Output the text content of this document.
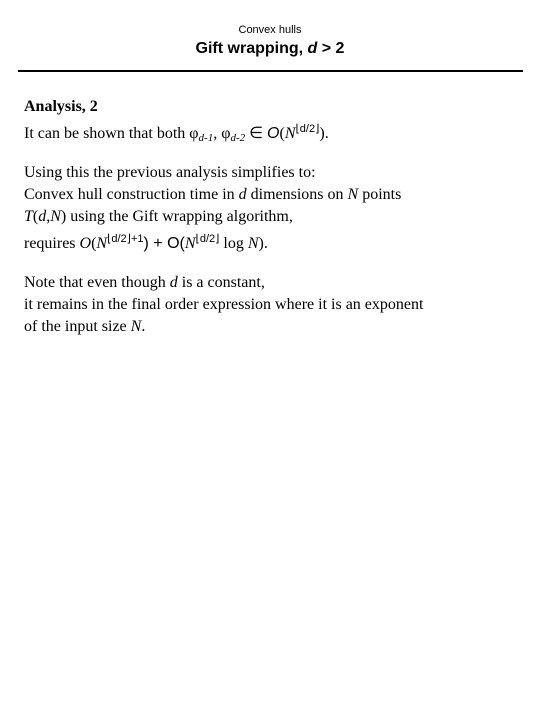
Convex hulls
Gift wrapping, d > 2
Analysis, 2
It can be shown that both $\varphi_{d-1}$, $\varphi_{d-2}$ ∈ $O(N^{⌊d/2⌋})$.
Using this the previous analysis simplifies to:
Convex hull construction time in d dimensions on N points
T(d,N) using the Gift wrapping algorithm,
requires $O(N^{⌊d/2⌋+1}) + O(N^{⌊d/2⌋}$ log N).
Note that even though d is a constant,
it remains in the final order expression where it is an exponent
of the input size N.
